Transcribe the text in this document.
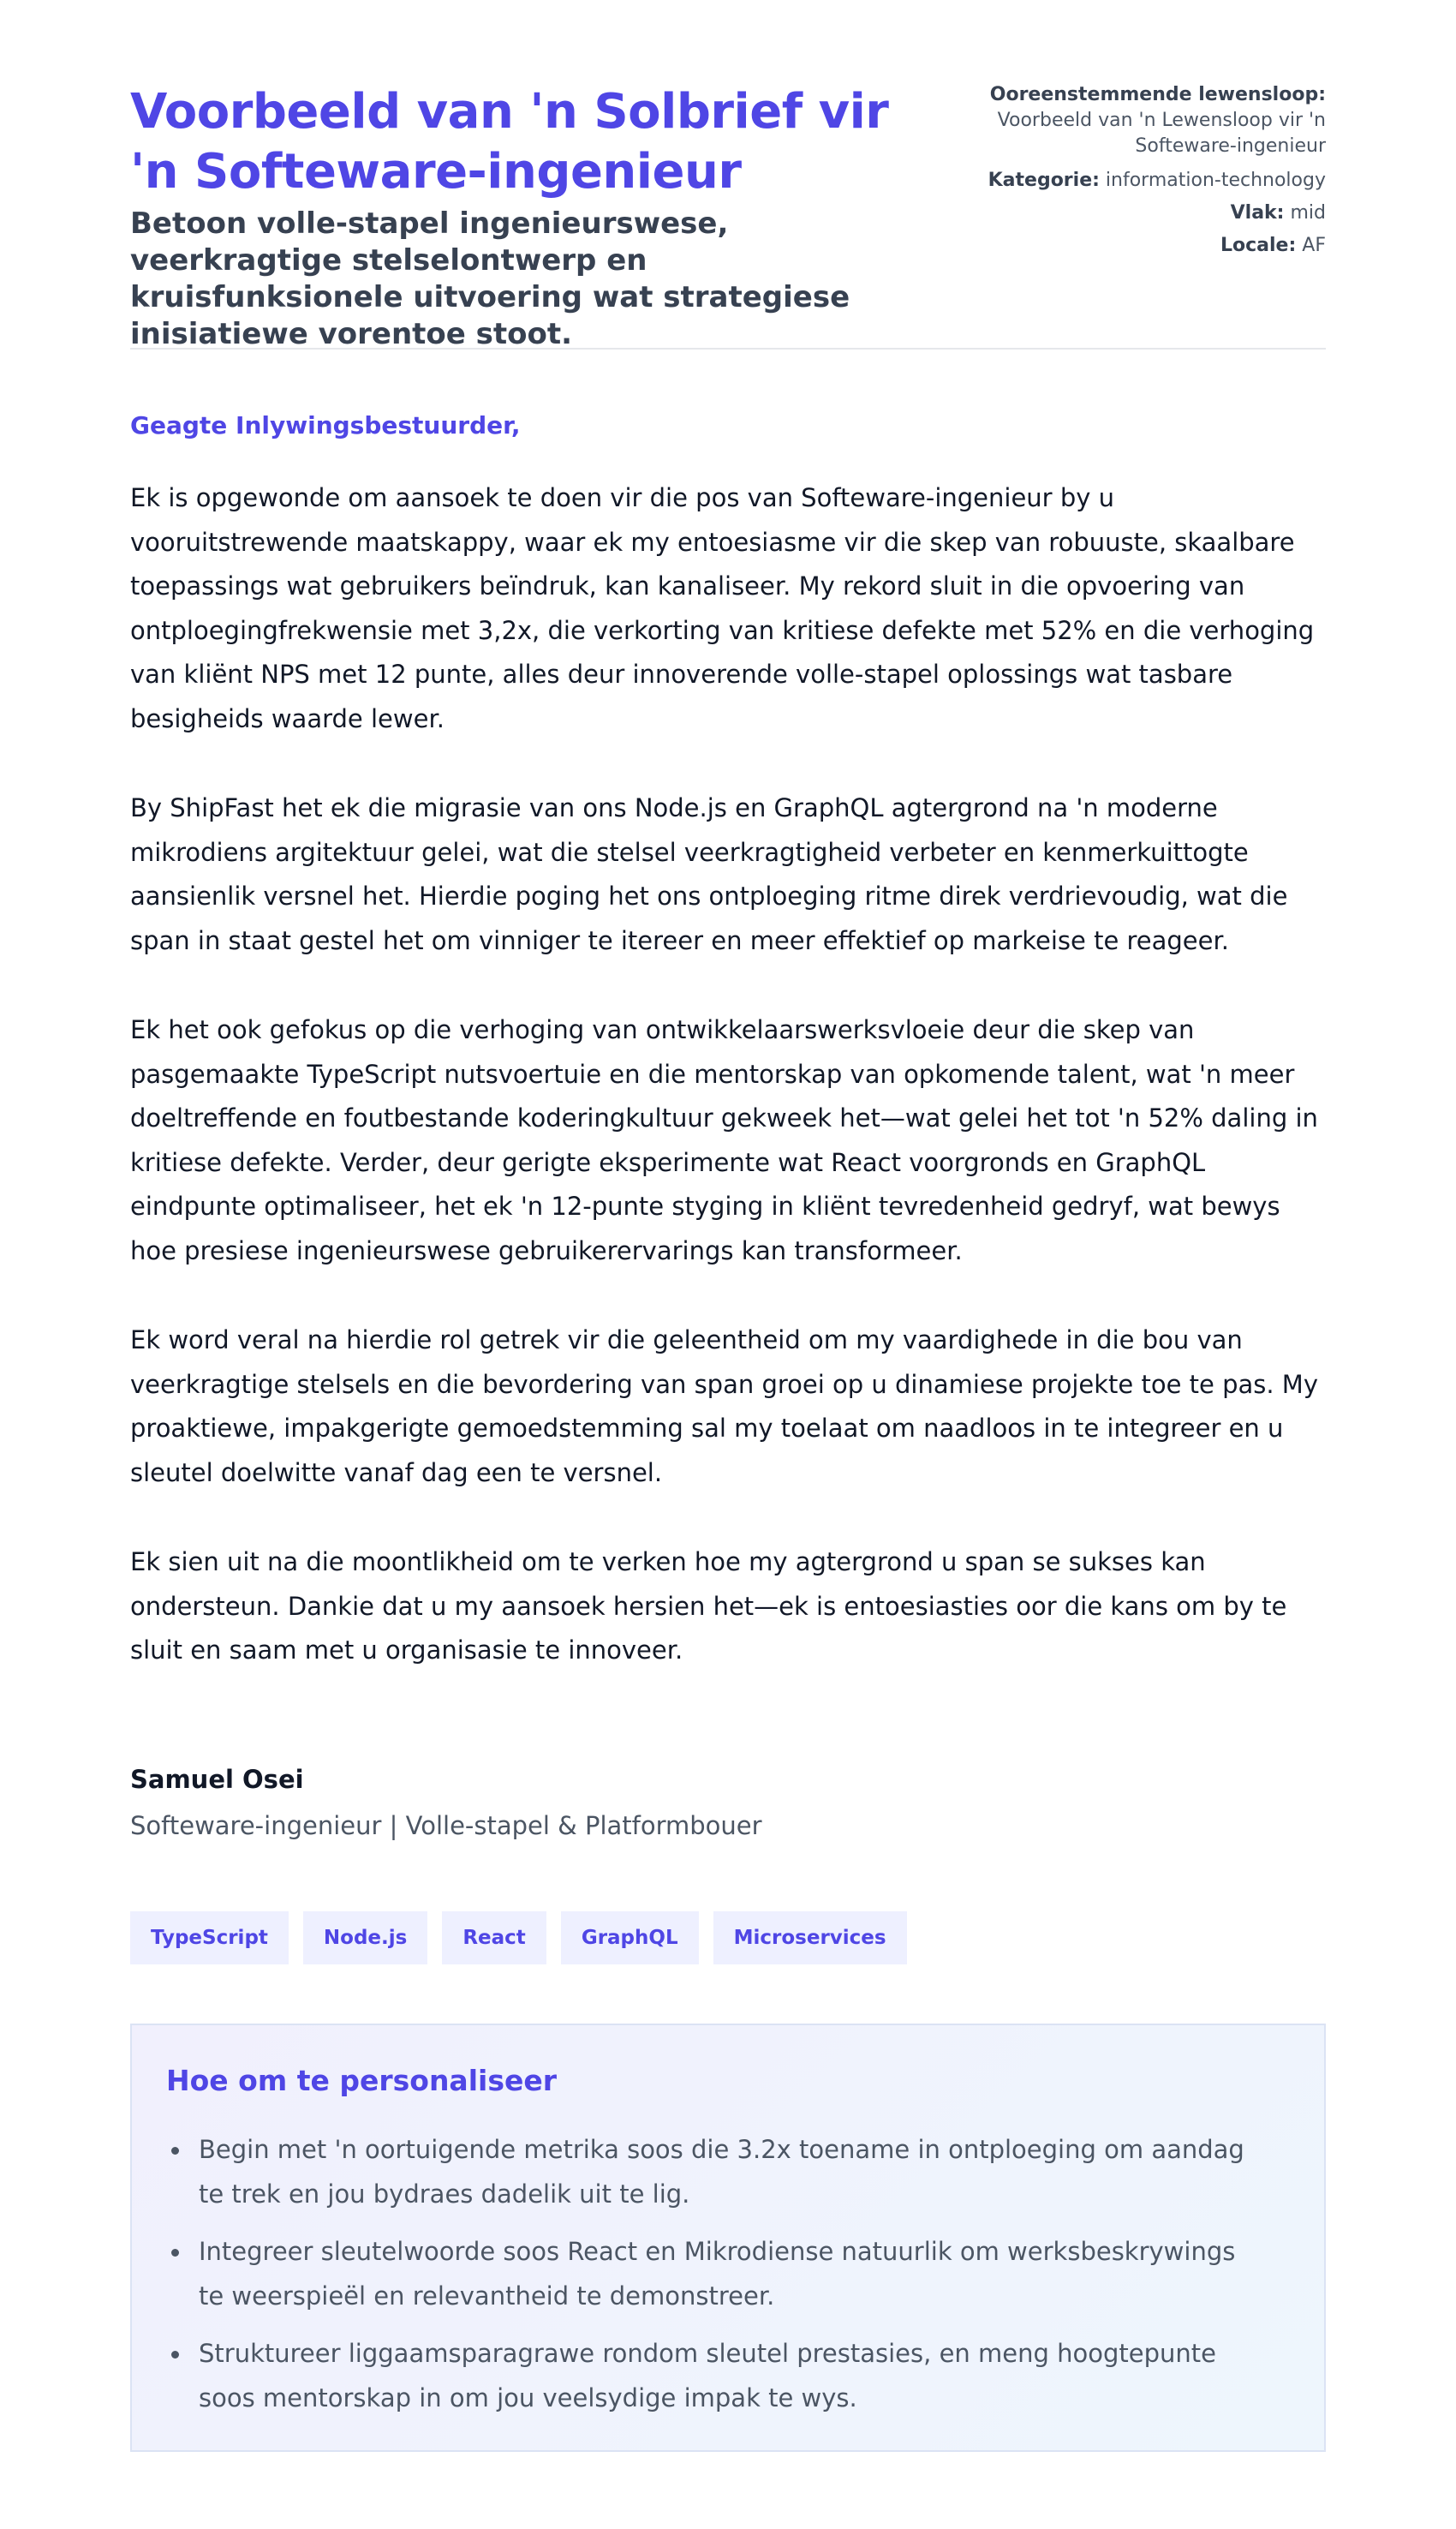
Voorbeeld van 'n Solbrief vir 'n Softeware-ingenieur

Betoon volle-stapel ingenieurswese, veerkragtige stelselontwerp en kruisfunksionele uitvoering wat strategiese inisiatiewe vorentoe stoot.

Ooreenstemmende lewensloop:
Voorbeeld van 'n Lewensloop vir 'n Softeware-ingenieur
Kategorie: information-technology
Vlak: mid
Locale: AF
Geagte Inlywingsbestuurder,

Ek is opgewonde om aansoek te doen vir die pos van Softeware-ingenieur by u vooruitstrewende maatskappy, waar ek my entoesiasme vir die skep van robuuste, skaalbare toepassings wat gebruikers beïndruk, kan kanaliseer. My rekord sluit in die opvoering van ontploegingfrekwensie met 3,2x, die verkorting van kritiese defekte met 52% en die verhoging van kliënt NPS met 12 punte, alles deur innoverende volle-stapel oplossings wat tasbare besigheids waarde lewer.

By ShipFast het ek die migrasie van ons Node.js en GraphQL agtergrond na 'n moderne mikrodiens argitektuur gelei, wat die stelsel veerkragtigheid verbeter en kenmerkuittogte aansienlik versnel het. Hierdie poging het ons ontploeging ritme direk verdrievoudig, wat die span in staat gestel het om vinniger te itereer en meer effektief op markeise te reageer.

Ek het ook gefokus op die verhoging van ontwikkelaarswerksvloeie deur die skep van pasgemaakte TypeScript nutsvoertuie en die mentorskap van opkomende talent, wat 'n meer doeltreffende en foutbestande koderingkultuur gekweek het—wat gelei het tot 'n 52% daling in kritiese defekte. Verder, deur gerigte eksperimente wat React voorgronds en GraphQL eindpunte optimaliseer, het ek 'n 12-punte styging in kliënt tevredenheid gedryf, wat bewys hoe presiese ingenieurswese gebruikerervarings kan transformeer.

Ek word veral na hierdie rol getrek vir die geleentheid om my vaardighede in die bou van veerkragtige stelsels en die bevordering van span groei op u dinamiese projekte toe te pas. My proaktiewe, impakgerigte gemoedstemming sal my toelaat om naadloos in te integreer en u sleutel doelwitte vanaf dag een te versnel.

Ek sien uit na die moontlikheid om te verken hoe my agtergrond u span se sukses kan ondersteun. Dankie dat u my aansoek hersien het—ek is entoesiasties oor die kans om by te sluit en saam met u organisasie te innoveer.

Samuel Osei
Softeware-ingenieur | Volle-stapel & Platformbouer
TypeScript	Node.js	React	GraphQL	Microservices
Hoe om te personaliseer
Begin met 'n oortuigende metrika soos die 3.2x toename in ontploeging om aandag te trek en jou bydraes dadelik uit te lig.
Integreer sleutelwoorde soos React en Mikrodiense natuurlik om werksbeskrywings te weerspieël en relevantheid te demonstreer.
Struktureer liggaamsparagrawe rondom sleutel prestasies, en meng hoogtepunte soos mentorskap in om jou veelsydige impak te wys.
